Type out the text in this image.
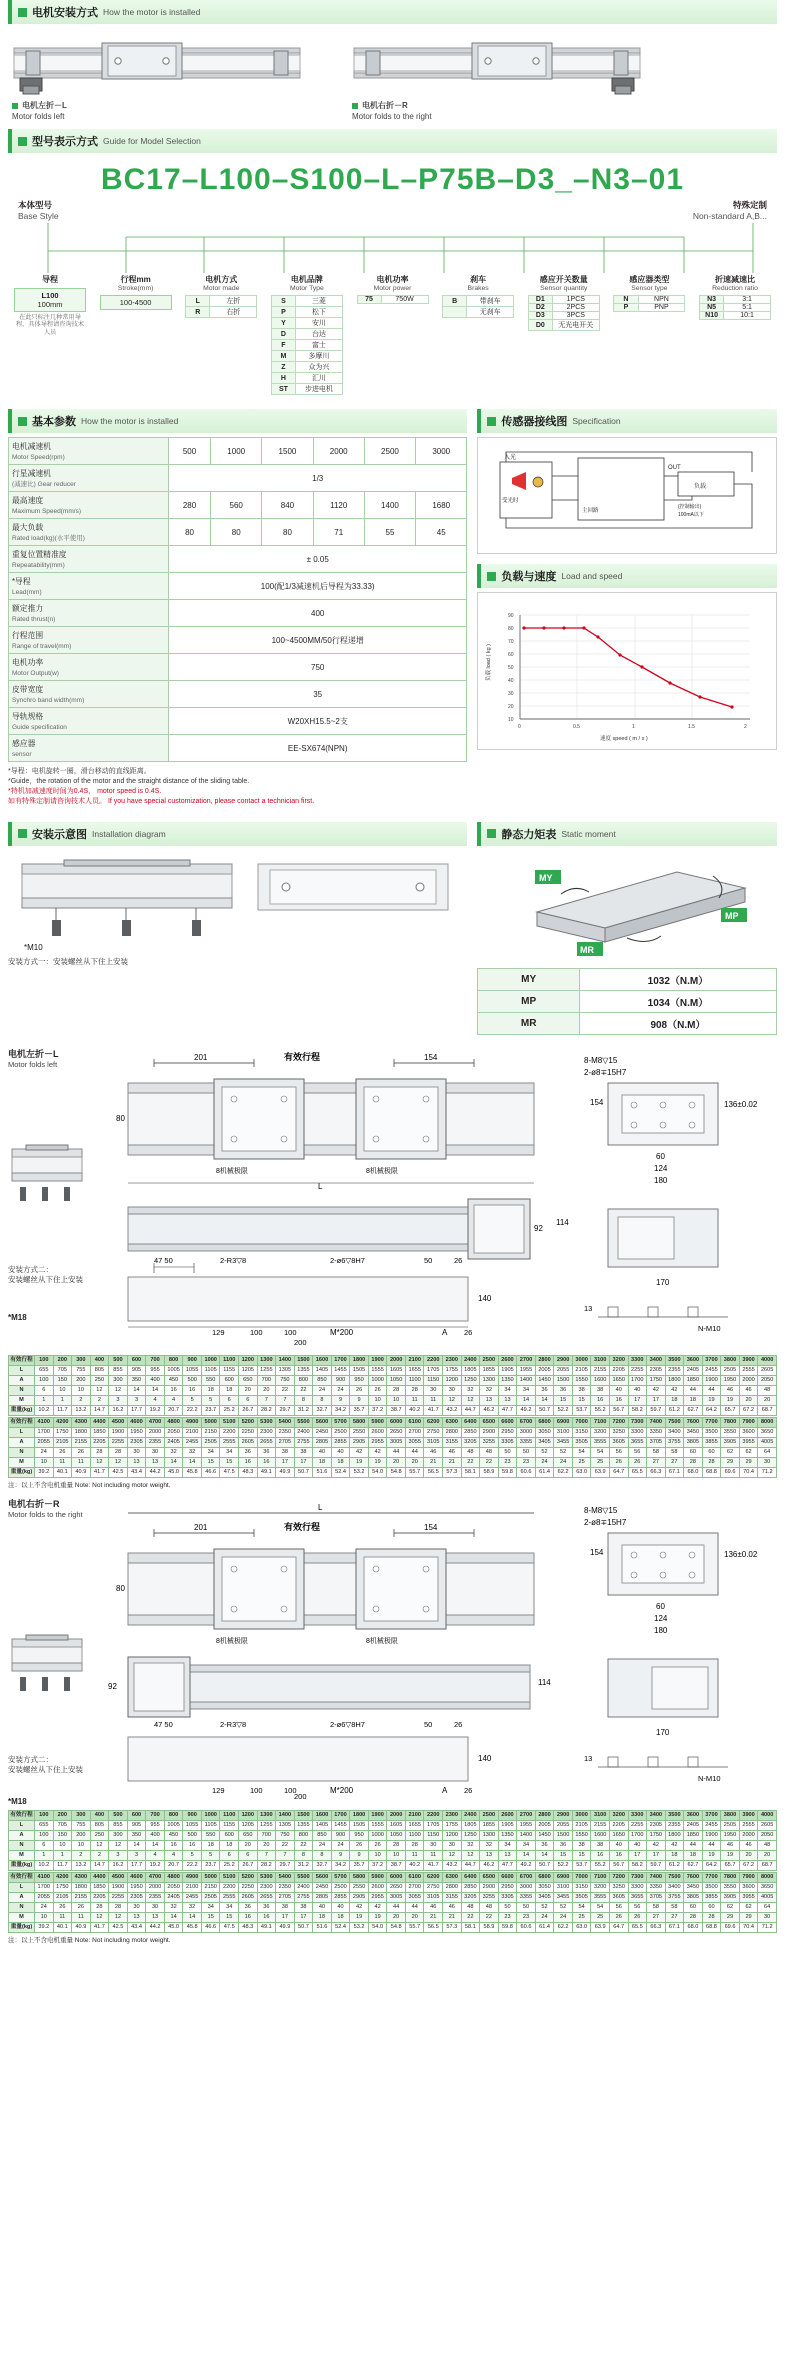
电机安装方式 How the motor is installed
电机左折－L
Motor folds left
电机右折－R
Motor folds to the right
型号表示方式 Guide for Model Selection
BC17–L100–S100–L–P75B–D3_–N3–01
本体型号
Base Style
特殊定制
Non-standard A,B...
导程
L100
100mm
在此只标注几种常用导程，具体导程请咨询技术人员
行程mm
Stroke(mm)
100-4500
电机方式
Motor made
L	左折
R	右折
电机品牌
Motor Type
S	三菱
P	松下
Y	安川
D	台达
F	富士
M	多摩川
Z	众为兴
H	汇川
ST	步进电机
电机功率
Motor power
75	750W
刹车
Brakes
B	带刹车
	无刹车
感应开关数量
Sensor quantity
D1	1PCS
D2	2PCS
D3	3PCS
D0	无光电开关
感应器类型
Sensor type
N	NPN
P	PNP
折速减速比
Reduction ratio
N3	3:1
N5	5:1
N10	10:1
基本参数 How the motor is installed
电机减速机
Motor Speed(rpm)	500	1000	1500	2000	2500	3000
行星减速机
(减速比) Gear reducer	1/3					
最高速度
Maximum Speed(mm/s)	280	560	840	1120	1400	1680
最大负载
Rated load(kg)(水平使用)	80	80	80	71	55	45
重复位置精准度
Repeatability(mm)	± 0.05					
*导程
Lead(mm)	100(配1/3减速机后导程为33.33)					
额定推力
Rated thrust(n)	400					
行程范围
Range of travel(mm)	100~4500MM/50行程递增					
电机功率
Motor Output(w)	750					
皮带宽度
Synchro band width(mm)	35					
导轨规格
Guide specification	W20XH15.5~2支					
感应器
sensor	EE-SX674(NPN)					
*导程：电机旋转一圈，滑台移动的直线距离。
*Guide，the rotation of the motor and the straight distance of the sliding table.
*特机加减速度时间为0.4S， motor speed is 0.4S.
如有特殊定制请咨询技术人员。 If you have special customization, please contact a technician first.
传感器接线图 Specification
入光
受光时
主回路
OUT
负载
(控制输出)
100mA以下
负载与速度 Load and speed
90
80
70
60
50
40
30
20
10
0	0.5	1	1.5	2
速度 speed ( m / s )
负载 load ( kg )
安装示意图 Installation diagram
*M10
安装方式一：安装螺丝从下住上安装
静态力矩表 Static moment
MY
MP
MR
MY	1032（N.M）
MP	1034（N.M）
MR	908（N.M）
电机左折－L
Motor folds left
安装方式二：
安装螺丝从下住上安装
*M18
201	154
有效行程
80
8机械极限	8机械极限
L
92
114
47 50	2-R3▽8	2-ø6▽8H7	50	26
140
129	100	100
200
M*200	A 26
8-M8▽15
2-ø8∓15H7
154	136±0.02
60
124
180
170
13
N-M10
有效行程	100	200	300	400	500	600	700	800	900	1000	1100	1200	1300	1400	1500	1600	1700	1800	1900	2000	2100	2200	2300	2400	2500	2600	2700	2800	2900	3000	3100	3200	3300	3400	3500	3600	3700	3800	3900	4000
L	655	705	755	805	855	905	955	1005	1055	1105	1155	1205	1255	1305	1355	1405	1455	1505	1555	1605	1655	1705	1755	1805	1855	1905	1955	2005	2055	2105	2155	2205	2255	2305	2355	2405	2455	2505	2555	2605
A	100	150	200	250	300	350	400	450	500	550	600	650	700	750	800	850	900	950	1000	1050	1100	1150	1200	1250	1300	1350	1400	1450	1500	1550	1600	1650	1700	1750	1800	1850	1900	1950	2000	2050
N	6	10	10	12	12	14	14	16	16	18	18	20	20	22	22	24	24	26	26	28	28	30	30	32	32	34	34	36	36	38	38	40	40	42	42	44	44	46	46	48
M	1	1	2	2	3	3	4	4	5	5	6	6	7	7	8	8	9	9	10	10	11	11	12	12	13	13	14	14	15	15	16	16	17	17	18	18	19	19	20	20
重量(kg)	10.2	11.7	13.2	14.7	16.2	17.7	19.2	20.7	22.2	23.7	25.2	26.7	28.2	29.7	31.2	32.7	34.2	35.7	37.2	38.7	40.2	41.7	43.2	44.7	46.2	47.7	49.2	50.7	52.2	53.7	55.2	56.7	58.2	59.7	61.2	62.7	64.2	65.7	67.2	68.7
有效行程	4100	4200	4300	4400	4500	4600	4700	4800	4900	5000	5100	5200	5300	5400	5500	5600	5700	5800	5900	6000	6100	6200	6300	6400	6500	6600	6700	6800	6900	7000	7100	7200	7300	7400	7500	7600	7700	7800	7900	8000
L	1700	1750	1800	1850	1900	1950	2000	2050	2100	2150	2200	2250	2300	2350	2400	2450	2500	2550	2600	2650	2700	2750	2800	2850	2900	2950	3000	3050	3100	3150	3200	3250	3300	3350	3400	3450	3500	3550	3600	3650
A	2055	2105	2155	2205	2255	2305	2355	2405	2455	2505	2555	2605	2655	2705	2755	2805	2855	2905	2955	3005	3055	3105	3155	3205	3255	3305	3355	3405	3455	3505	3555	3605	3655	3705	3755	3805	3855	3905	3955	4005
N	24	26	26	28	28	30	30	32	32	34	34	36	36	38	38	40	40	42	42	44	44	46	46	48	48	50	50	52	52	54	54	56	56	58	58	60	60	62	62	64
M	10	11	11	12	12	13	13	14	14	15	15	16	16	17	17	18	18	19	19	20	20	21	21	22	22	23	23	24	24	25	25	26	26	27	27	28	28	29	29	30
重量(kg)	39.2	40.1	40.9	41.7	42.5	43.4	44.2	45.0	45.8	46.6	47.5	48.3	49.1	49.9	50.7	51.6	52.4	53.2	54.0	54.8	55.7	56.5	57.3	58.1	58.9	59.8	60.6	61.4	62.2	63.0	63.9	64.7	65.5	66.3	67.1	68.0	68.8	69.6	70.4	71.2
注：以上不含电机重量 Note: Not including motor weight.
电机右折－R
Motor folds to the right
安装方式二：
安装螺丝从下住上安装
*M18
L
201	154
有效行程
80
8机械极限	8机械极限
92	114
47 50	2-R3▽8	2-ø6▽8H7	50	26
140
129	100	100
200
M*200	A 26
8-M8▽15
2-ø8∓15H7
154	136±0.02
60
124
180
170
13
N-M10
有效行程	100	200	300	400	500	600	700	800	900	1000	1100	1200	1300	1400	1500	1600	1700	1800	1900	2000	2100	2200	2300	2400	2500	2600	2700	2800	2900	3000	3100	3200	3300	3400	3500	3600	3700	3800	3900	4000
L	655	705	755	805	855	905	955	1005	1055	1105	1155	1205	1255	1305	1355	1405	1455	1505	1555	1605	1655	1705	1755	1805	1855	1905	1955	2005	2055	2105	2155	2205	2255	2305	2355	2405	2455	2505	2555	2605
A	100	150	200	250	300	350	400	450	500	550	600	650	700	750	800	850	900	950	1000	1050	1100	1150	1200	1250	1300	1350	1400	1450	1500	1550	1600	1650	1700	1750	1800	1850	1900	1950	2000	2050
N	6	10	10	12	12	14	14	16	16	18	18	20	20	22	22	24	24	26	26	28	28	30	30	32	32	34	34	36	36	38	38	40	40	42	42	44	44	46	46	48
M	1	1	2	2	3	3	4	4	5	5	6	6	7	7	8	8	9	9	10	10	11	11	12	12	13	13	14	14	15	15	16	16	17	17	18	18	19	19	20	20
重量(kg)	10.2	11.7	13.2	14.7	16.2	17.7	19.2	20.7	22.2	23.7	25.2	26.7	28.2	29.7	31.2	32.7	34.2	35.7	37.2	38.7	40.2	41.7	43.2	44.7	46.2	47.7	49.2	50.7	52.2	53.7	55.2	56.7	58.2	59.7	61.2	62.7	64.2	65.7	67.2	68.7
有效行程	4100	4200	4300	4400	4500	4600	4700	4800	4900	5000	5100	5200	5300	5400	5500	5600	5700	5800	5900	6000	6100	6200	6300	6400	6500	6600	6700	6800	6900	7000	7100	7200	7300	7400	7500	7600	7700	7800	7900	8000
L	1700	1750	1800	1850	1900	1950	2000	2050	2100	2150	2200	2250	2300	2350	2400	2450	2500	2550	2600	2650	2700	2750	2800	2850	2900	2950	3000	3050	3100	3150	3200	3250	3300	3350	3400	3450	3500	3550	3600	3650
A	2055	2105	2155	2205	2255	2305	2355	2405	2455	2505	2555	2605	2655	2705	2755	2805	2855	2905	2955	3005	3055	3105	3155	3205	3255	3305	3355	3405	3455	3505	3555	3605	3655	3705	3755	3805	3855	3905	3955	4005
N	24	26	26	28	28	30	30	32	32	34	34	36	36	38	38	40	40	42	42	44	44	46	46	48	48	50	50	52	52	54	54	56	56	58	58	60	60	62	62	64
M	10	11	11	12	12	13	13	14	14	15	15	16	16	17	17	18	18	19	19	20	20	21	21	22	22	23	23	24	24	25	25	26	26	27	27	28	28	29	29	30
重量(kg)	39.2	40.1	40.9	41.7	42.5	43.4	44.2	45.0	45.8	46.6	47.5	48.3	49.1	49.9	50.7	51.6	52.4	53.2	54.0	54.8	55.7	56.5	57.3	58.1	58.9	59.8	60.6	61.4	62.2	63.0	63.9	64.7	65.5	66.3	67.1	68.0	68.8	69.6	70.4	71.2
注：以上不含电机重量 Note: Not including motor weight.
